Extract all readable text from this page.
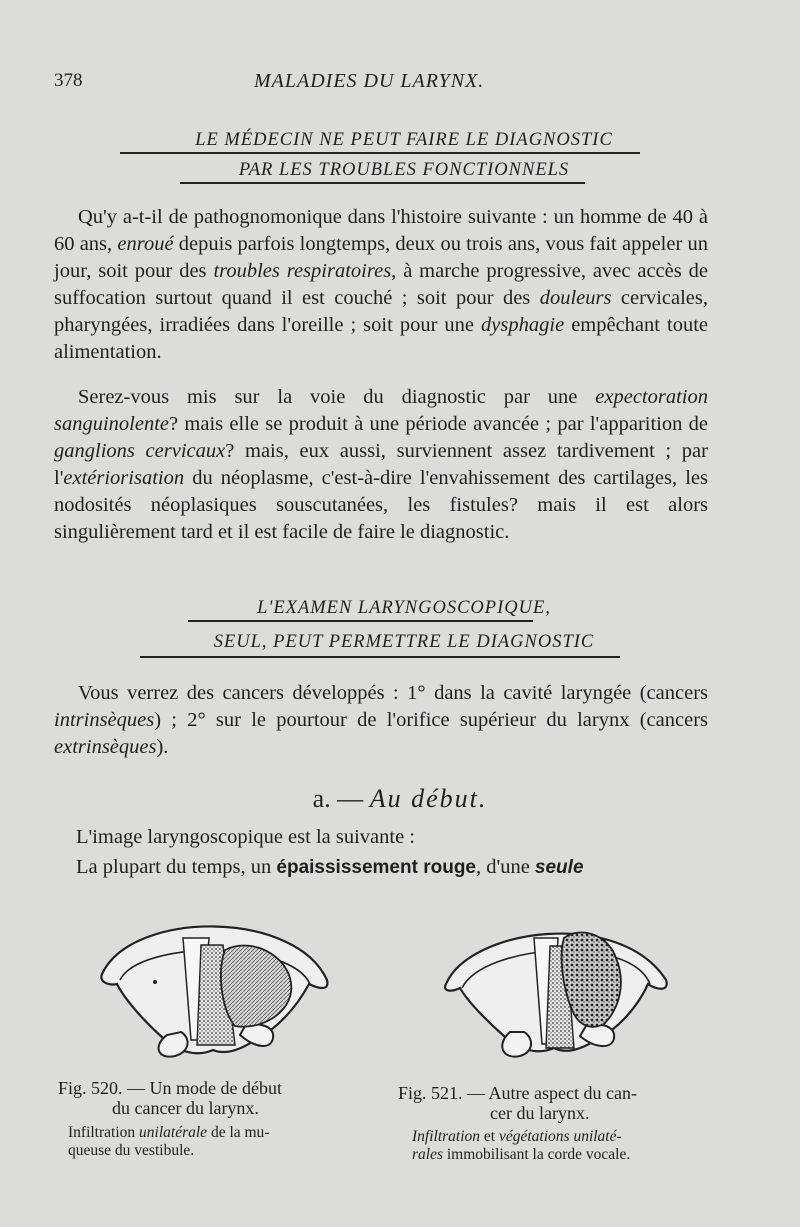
378	MALADIES DU LARYNX.
LE MÉDECIN NE PEUT FAIRE LE DIAGNOSTIC
PAR LES TROUBLES FONCTIONNELS

Qu'y a-t-il de pathognomonique dans l'histoire suivante : un homme de 40 à 60 ans, enroué depuis parfois longtemps, deux ou trois ans, vous fait appeler un jour, soit pour des troubles respiratoires, à marche progressive, avec accès de suffocation surtout quand il est couché ; soit pour des douleurs cervicales, pharyngées, irradiées dans l'oreille ; soit pour une dysphagie empêchant toute alimentation.

Serez-vous mis sur la voie du diagnostic par une expectoration sanguinolente? mais elle se produit à une période avancée ; par l'apparition de ganglions cervicaux? mais, eux aussi, surviennent assez tardivement ; par l'extériorisation du néoplasme, c'est-à-dire l'envahissement des cartilages, les nodosités néoplasiques souscutanées, les fistules? mais il est alors singulièrement tard et il est facile de faire le diagnostic.

L'EXAMEN LARYNGOSCOPIQUE,
SEUL, PEUT PERMETTRE LE DIAGNOSTIC

Vous verrez des cancers développés : 1° dans la cavité laryngée (cancers intrinsèques) ; 2° sur le pourtour de l'orifice supérieur du larynx (cancers extrinsèques).

a. — Au début.
L'image laryngoscopique est la suivante :
La plupart du temps, un épaississement rouge, d'une seule
Fig. 520. — Un mode de début
du cancer du larynx.
Infiltration unilatérale de la mu-
queuse du vestibule.
Fig. 521. — Autre aspect du can-
cer du larynx.
Infiltration et végétations unilaté-
rales immobilisant la corde vocale.
